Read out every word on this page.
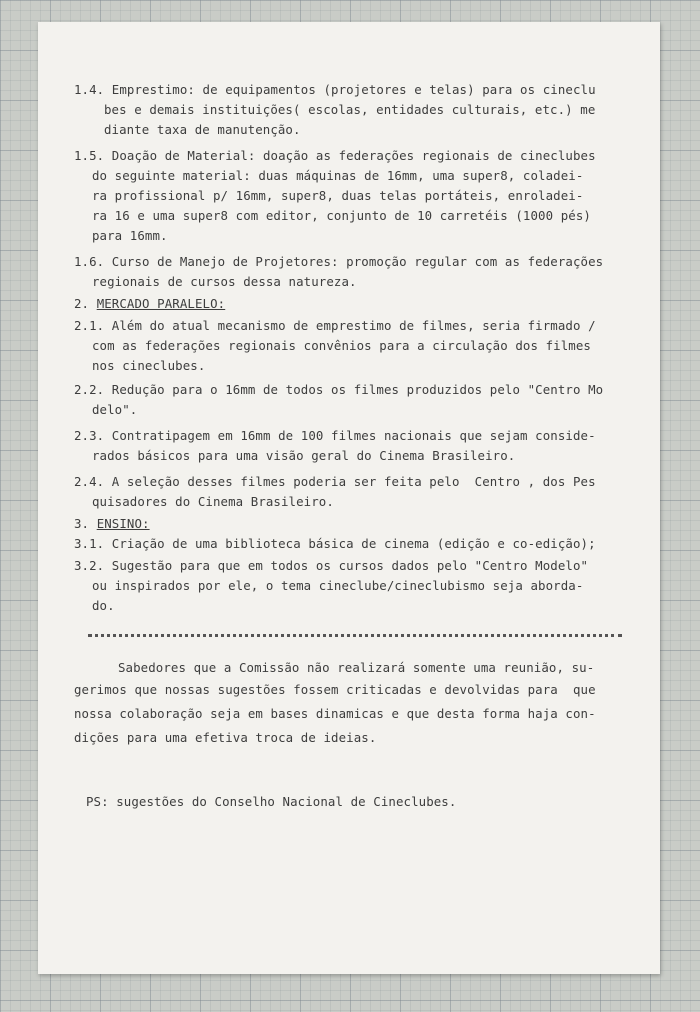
1.4. Emprestimo: de equipamentos (projetores e telas) para os cineclu
bes e demais instituições( escolas, entidades culturais, etc.) me
diante taxa de manutenção.
1.5. Doação de Material: doação as federações regionais de cineclubes
do seguinte material: duas máquinas de 16mm, uma super8, coladei-
ra profissional p/ 16mm, super8, duas telas portáteis, enroladei-
ra 16 e uma super8 com editor, conjunto de 10 carretéis (1000 pés)
para 16mm.
1.6. Curso de Manejo de Projetores: promoção regular com as federações
regionais de cursos dessa natureza.
2. MERCADO PARALELO:
2.1. Além do atual mecanismo de emprestimo de filmes, seria firmado /
com as federações regionais convênios para a circulação dos filmes
nos cineclubes.
2.2. Redução para o 16mm de todos os filmes produzidos pelo "Centro Mo
delo".
2.3. Contratipagem em 16mm de 100 filmes nacionais que sejam conside-
rados básicos para uma visão geral do Cinema Brasileiro.
2.4. A seleção desses filmes poderia ser feita pelo  Centro , dos Pes
quisadores do Cinema Brasileiro.
3. ENSINO:
3.1. Criação de uma biblioteca básica de cinema (edição e co-edição);
3.2. Sugestão para que em todos os cursos dados pelo "Centro Modelo"
ou inspirados por ele, o tema cineclube/cineclubismo seja aborda-
do.
Sabedores que a Comissão não realizará somente uma reunião, su-
gerimos que nossas sugestões fossem criticadas e devolvidas para  que
nossa colaboração seja em bases dinamicas e que desta forma haja con-
dições para uma efetiva troca de ideias.
PS: sugestões do Conselho Nacional de Cineclubes.
